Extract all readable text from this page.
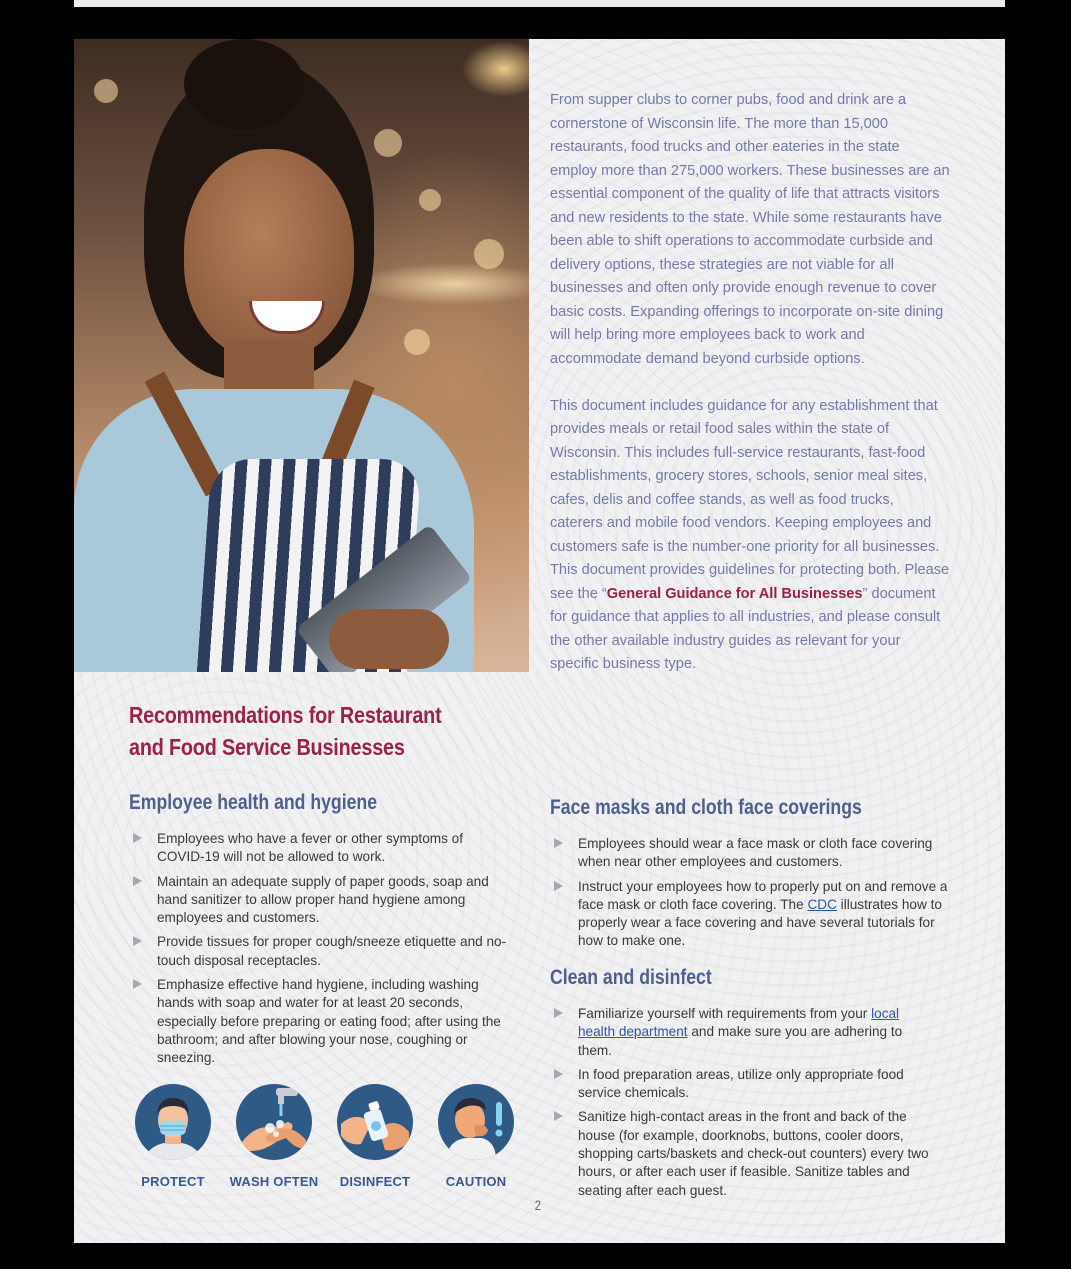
From supper clubs to corner pubs, food and drink are a cornerstone of Wisconsin life. The more than 15,000 restaurants, food trucks and other eateries in the state employ more than 275,000 workers. These businesses are an essential component of the quality of life that attracts visitors and new residents to the state. While some restaurants have been able to shift operations to accommodate curbside and delivery options, these strategies are not viable for all businesses and often only provide enough revenue to cover basic costs. Expanding offerings to incorporate on-site dining will help bring more employees back to work and accommodate demand beyond curbside options.

This document includes guidance for any establishment that provides meals or retail food sales within the state of Wisconsin. This includes full-service restaurants, fast-food establishments, grocery stores, schools, senior meal sites, cafes, delis and coffee stands, as well as food trucks, caterers and mobile food vendors. Keeping employees and customers safe is the number-one priority for all businesses. This document provides guidelines for protecting both. Please see the “General Guidance for All Businesses” document for guidance that applies to all industries, and please consult the other available industry guides as relevant for your specific business type.

Recommendations for Restaurant and Food Service Businesses
Employee health and hygiene
Employees who have a fever or other symptoms of COVID-19 will not be allowed to work.
Maintain an adequate supply of paper goods, soap and hand sanitizer to allow proper hand hygiene among employees and customers.
Provide tissues for proper cough/sneeze etiquette and no-touch disposal receptacles.
Emphasize effective hand hygiene, including washing hands with soap and water for at least 20 seconds, especially before preparing or eating food; after using the bathroom; and after blowing your nose, coughing or sneezing.
Face masks and cloth face coverings
Employees should wear a face mask or cloth face covering when near other employees and customers.
Instruct your employees how to properly put on and remove a face mask or cloth face covering. The CDC illustrates how to properly wear a face covering and have several tutorials for how to make one.
Clean and disinfect
Familiarize yourself with requirements from your local health department and make sure you are adhering to them.
In food preparation areas, utilize only appropriate food service chemicals.
Sanitize high-contact areas in the front and back of the house (for example, doorknobs, buttons, cooler doors, shopping carts/baskets and check-out counters) every two hours, or after each user if feasible. Sanitize tables and seating after each guest.
PROTECT	WASH OFTEN	DISINFECT	CAUTION
2
